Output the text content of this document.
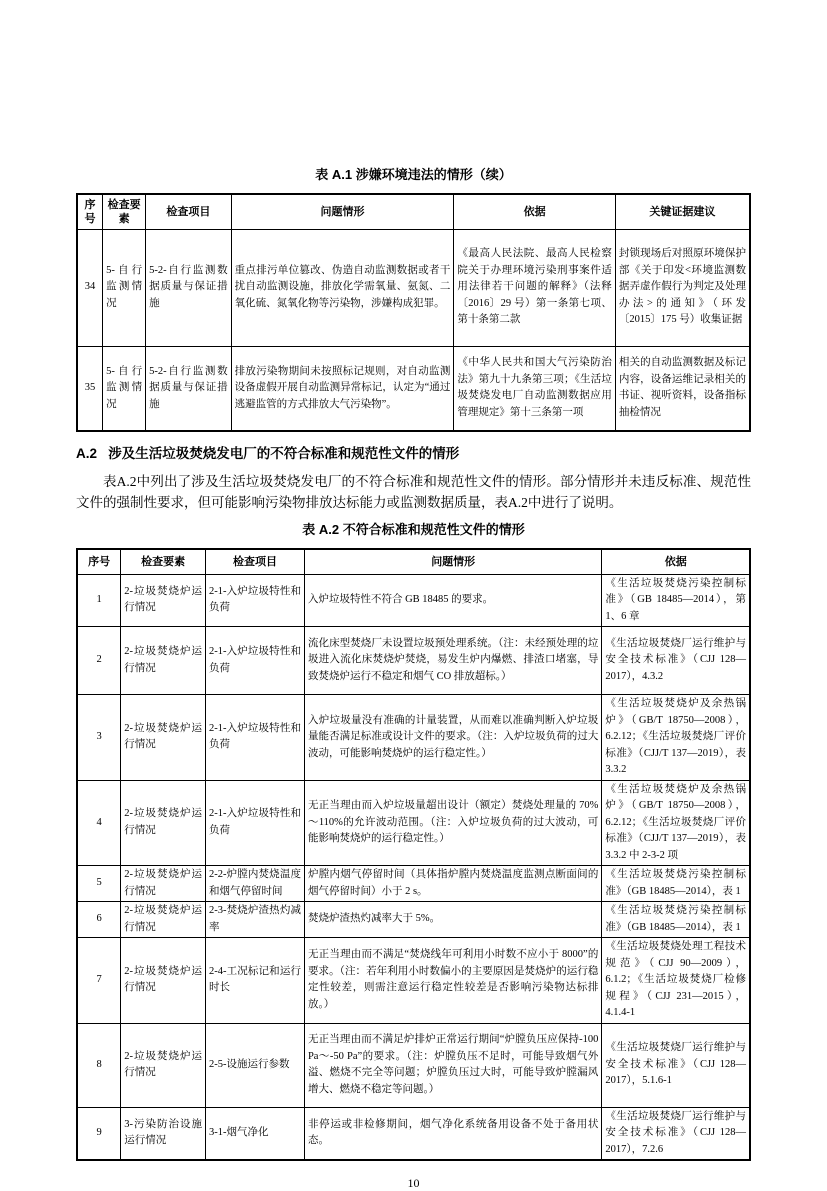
表 A.1 涉嫌环境违法的情形（续）

序号	检查要素	检查项目	问题情形	依据	关键证据建议
34	5-自行监测情况	5-2-自行监测数据质量与保证措施	重点排污单位篡改、伪造自动监测数据或者干扰自动监测设施，排放化学需氧量、氨氮、二氧化硫、氮氧化物等污染物，涉嫌构成犯罪。	《最高人民法院、最高人民检察院关于办理环境污染刑事案件适用法律若干问题的解释》（法释〔2016〕29 号）第一条第七项、第十条第二款	封锁现场后对照原环境保护部《关于印发<环境监测数据弄虚作假行为判定及处理办法>的通知》（环发〔2015〕175 号）收集证据
35	5-自行监测情况	5-2-自行监测数据质量与保证措施	排放污染物期间未按照标记规则，对自动监测设备虚假开展自动监测异常标记，认定为“通过逃避监管的方式排放大气污染物”。	《中华人民共和国大气污染防治法》第九十九条第三项；《生活垃圾焚烧发电厂自动监测数据应用管理规定》第十三条第一项	相关的自动监测数据及标记内容，设备运维记录相关的书证、视听资料，设备指标抽检情况
A.2   涉及生活垃圾焚烧发电厂的不符合标准和规范性文件的情形

表A.2中列出了涉及生活垃圾焚烧发电厂的不符合标准和规范性文件的情形。部分情形并未违反标准、规范性文件的强制性要求，但可能影响污染物排放达标能力或监测数据质量，表A.2中进行了说明。

表 A.2 不符合标准和规范性文件的情形

序号	检查要素	检查项目	问题情形	依据
1	2-垃圾焚烧炉运行情况	2-1-入炉垃圾特性和负荷	入炉垃圾特性不符合 GB 18485 的要求。	《生活垃圾焚烧污染控制标准》（GB 18485—2014），第 1、6 章
2	2-垃圾焚烧炉运行情况	2-1-入炉垃圾特性和负荷	流化床型焚烧厂未设置垃圾预处理系统。（注：未经预处理的垃圾进入流化床焚烧炉焚烧，易发生炉内爆燃、排渣口堵塞，导致焚烧炉运行不稳定和烟气 CO 排放超标。）	《生活垃圾焚烧厂运行维护与安全技术标准》（CJJ 128—2017），4.3.2
3	2-垃圾焚烧炉运行情况	2-1-入炉垃圾特性和负荷	入炉垃圾量没有准确的计量装置，从而难以准确判断入炉垃圾量能否满足标准或设计文件的要求。（注：入炉垃圾负荷的过大波动，可能影响焚烧炉的运行稳定性。）	《生活垃圾焚烧炉及余热锅炉》（GB/T 18750—2008），6.2.12；《生活垃圾焚烧厂评价标准》（CJJ/T 137—2019），表 3.3.2
4	2-垃圾焚烧炉运行情况	2-1-入炉垃圾特性和负荷	无正当理由而入炉垃圾量超出设计（额定）焚烧处理量的 70%～110%的允许波动范围。（注：入炉垃圾负荷的过大波动，可能影响焚烧炉的运行稳定性。）	《生活垃圾焚烧炉及余热锅炉》（GB/T 18750—2008），6.2.12；《生活垃圾焚烧厂评价标准》（CJJ/T 137—2019），表 3.3.2 中 2-3-2 项
5	2-垃圾焚烧炉运行情况	2-2-炉膛内焚烧温度和烟气停留时间	炉膛内烟气停留时间（具体指炉膛内焚烧温度监测点断面间的烟气停留时间）小于 2 s。	《生活垃圾焚烧污染控制标准》（GB 18485—2014），表 1
6	2-垃圾焚烧炉运行情况	2-3-焚烧炉渣热灼减率	焚烧炉渣热灼减率大于 5%。	《生活垃圾焚烧污染控制标准》（GB 18485—2014），表 1
7	2-垃圾焚烧炉运行情况	2-4-工况标记和运行时长	无正当理由而不满足“焚烧线年可利用小时数不应小于 8000”的要求。（注：若年利用小时数偏小的主要原因是焚烧炉的运行稳定性较差，则需注意运行稳定性较差是否影响污染物达标排放。）	《生活垃圾焚烧处理工程技术规范》（CJJ 90—2009），6.1.2；《生活垃圾焚烧厂检修规程》（CJJ 231—2015），4.1.4-1
8	2-垃圾焚烧炉运行情况	2-5-设施运行参数	无正当理由而不满足炉排炉正常运行期间“炉膛负压应保持-100 Pa～-50 Pa”的要求。（注：炉膛负压不足时，可能导致烟气外溢、燃烧不完全等问题；炉膛负压过大时，可能导致炉膛漏风增大、燃烧不稳定等问题。）	《生活垃圾焚烧厂运行维护与安全技术标准》（CJJ 128—2017），5.1.6-1
9	3-污染防治设施运行情况	3-1-烟气净化	非停运或非检修期间，烟气净化系统备用设备不处于备用状态。	《生活垃圾焚烧厂运行维护与安全技术标准》（CJJ 128—2017），7.2.6
10
